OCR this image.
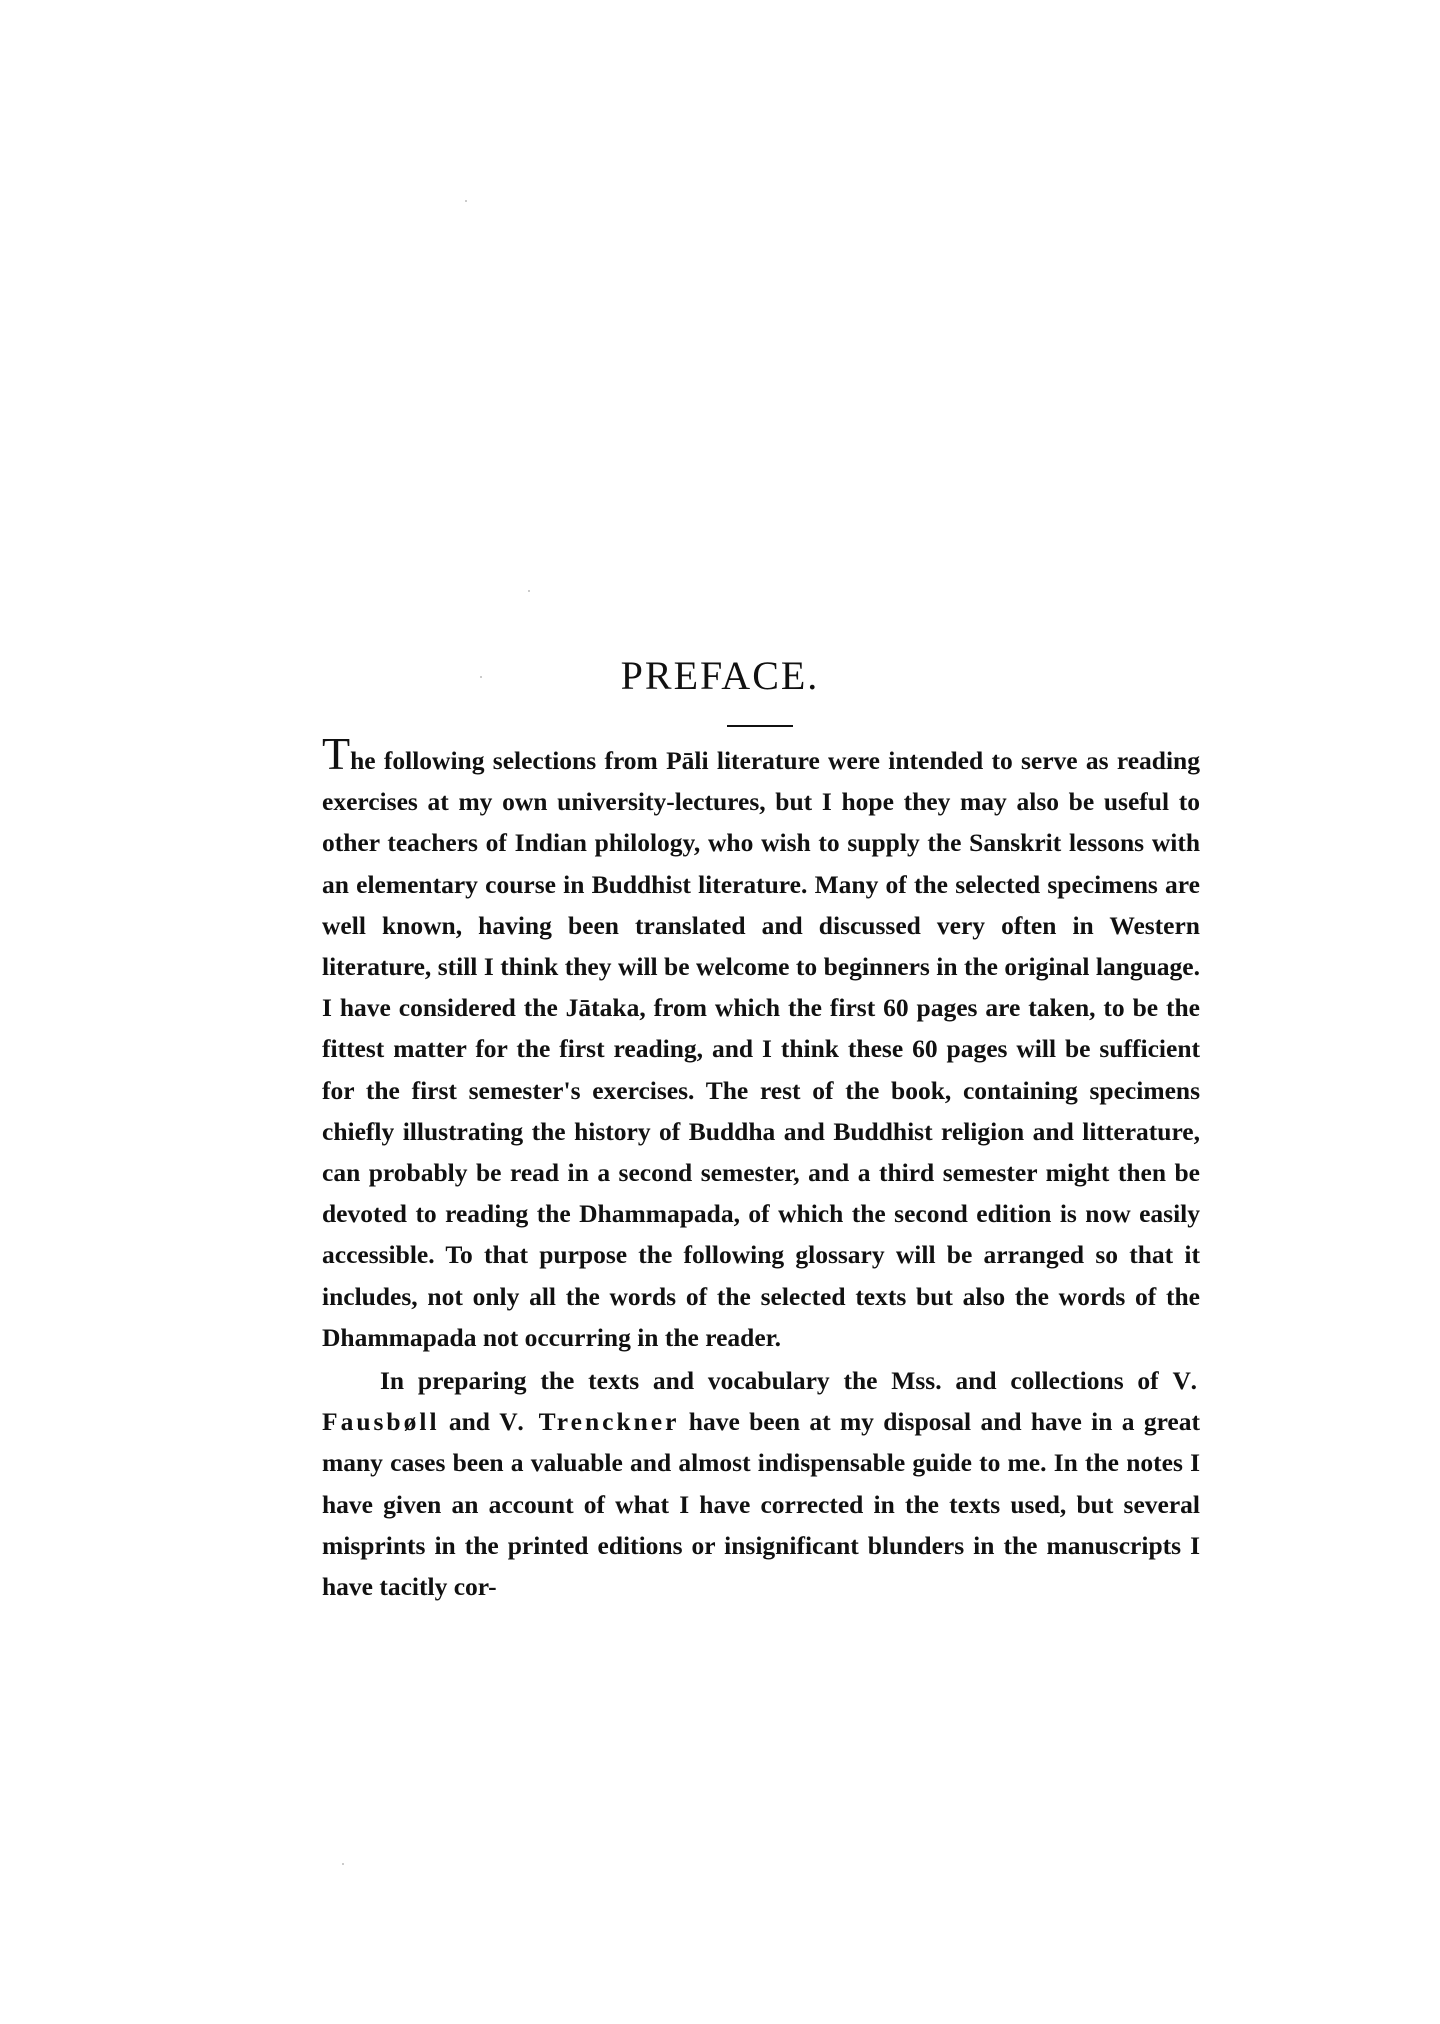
PREFACE.

The following selections from Pāli literature were intended to serve as reading exercises at my own university-lectures, but I hope they may also be useful to other teachers of Indian philology, who wish to supply the Sanskrit lessons with an elementary course in Buddhist literature. Many of the selected specimens are well known, having been translated and discussed very often in Western literature, still I think they will be welcome to beginners in the original language. I have considered the Jātaka, from which the first 60 pages are taken, to be the fittest matter for the first reading, and I think these 60 pages will be sufficient for the first semester's exercises. The rest of the book, containing specimens chiefly illustrating the history of Buddha and Buddhist religion and litterature, can probably be read in a second semester, and a third semester might then be devoted to reading the Dhammapada, of which the second edition is now easily accessible. To that purpose the following glossary will be arranged so that it includes, not only all the words of the selected texts but also the words of the Dhammapada not occurring in the reader.

In preparing the texts and vocabulary the Mss. and collections of V. Fausbøll and V. Trenckner have been at my disposal and have in a great many cases been a valuable and almost indispensable guide to me. In the notes I have given an account of what I have corrected in the texts used, but several misprints in the printed editions or insignificant blunders in the manuscripts I have tacitly cor-
